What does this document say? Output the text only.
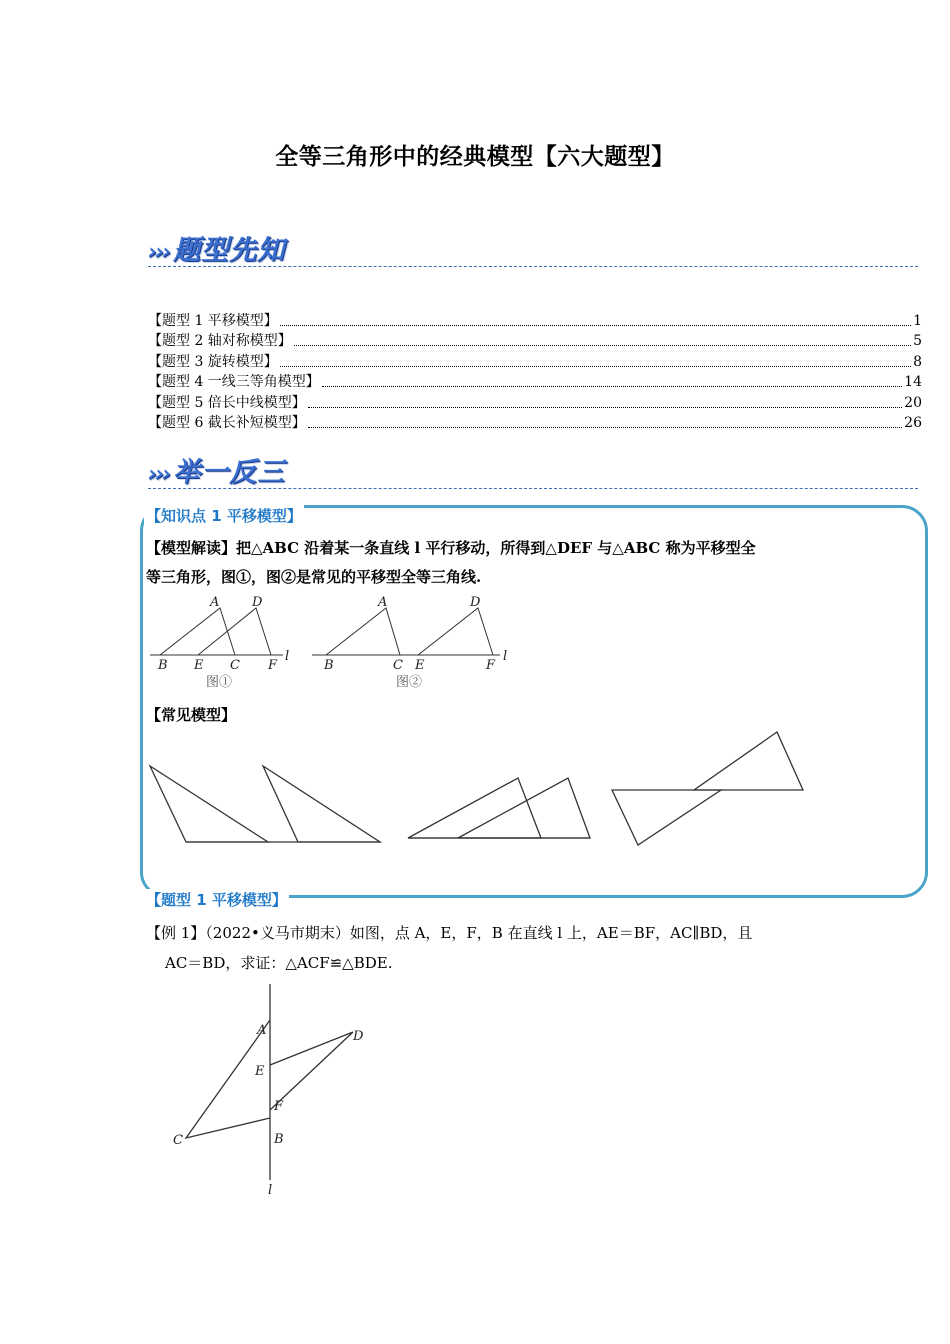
全等三角形中的经典模型【六大题型】
››› 题型先知
【题型 1 平移模型】	1
【题型 2 轴对称模型】	5
【题型 3 旋转模型】	8
【题型 4 一线三等角模型】	14
【题型 5 倍长中线模型】	20
【题型 6 截长补短模型】	26
››› 举一反三
【知识点 1 平移模型】
【模型解读】把△ABC 沿着某一条直线 l 平行移动，所得到△DEF 与△ABC 称为平移型全
等三角形，图①，图②是常见的平移型全等三角线.
A	D
B E C F
l
图①
A	D
B	C E	F
l
图②
【常见模型】
【题型 1 平移模型】
【例 1】（2022•义马市期末）如图，点 A，E，F，B 在直线 l 上，AE＝BF，AC∥BD，且
AC＝BD，求证：△ACF≌△BDE.
A
E
F
B
C
D
l
